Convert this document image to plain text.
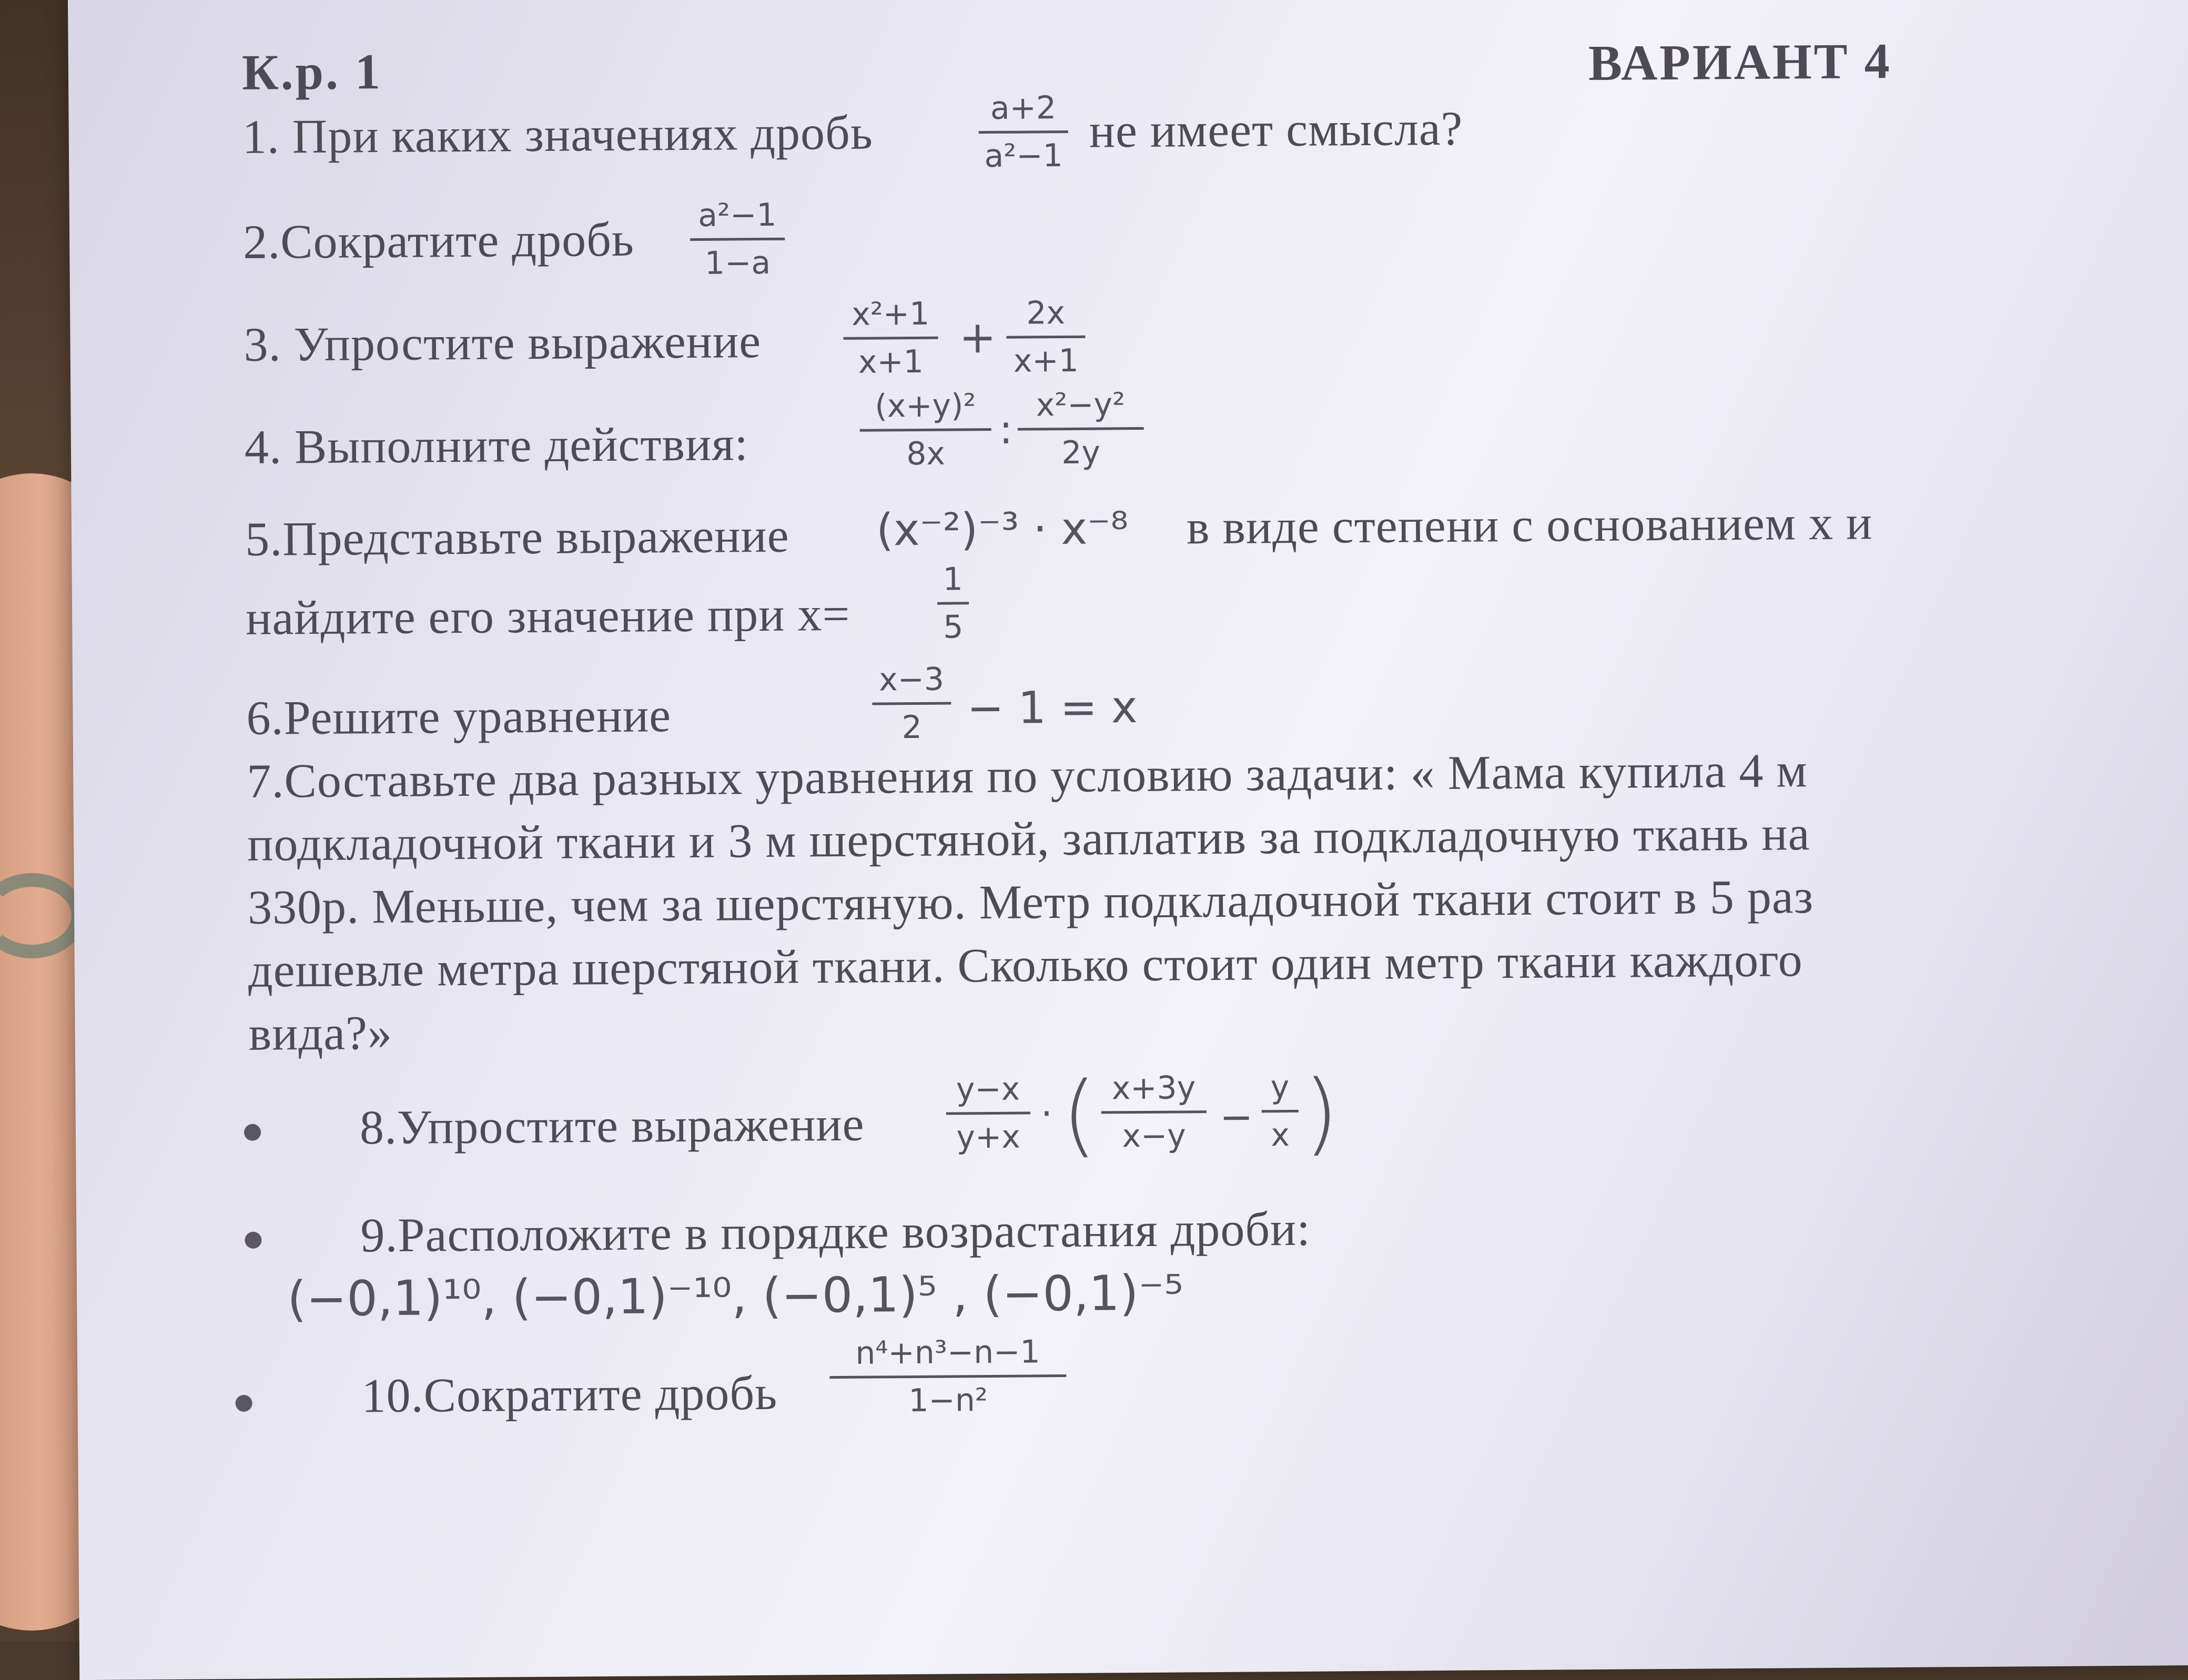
К.р. 1	ВАРИАНТ 4
1. При каких значениях дробь	a+2
a²−1 не имеет смысла?
2.Сократите дробь a²−1
1−a
3. Упростите выражение	x²+1
x+1 + 2x
x+1
4. Выполните действия:
(x+y)²
8x
:
x²−y²
2y
5.Представьте выражение (x⁻²)⁻³ · x⁻⁸ в виде степени с основанием x и
найдите его значение при x=
1
5
6.Решите уравнение
x−3
2	− 1 = x
7.Составьте два разных уравнения по условию задачи: « Мама купила 4 м
подкладочной ткани и 3 м шерстяной, заплатив за подкладочную ткань на
330р. Меньше, чем за шерстяную. Метр подкладочной ткани стоит в 5 раз
дешевле метра шерстяной ткани. Сколько стоит один метр ткани каждого
вида?»
8.Упростите выражение
y−x
y+x
· ( x+3y
x−y −
y
x )
9.Расположите в порядке возрастания дроби:
(−0,1)¹⁰, (−0,1)⁻¹⁰, (−0,1)⁵ , (−0,1)⁻⁵
10.Сократите дробь
n⁴+n³−n−1
1−n²
